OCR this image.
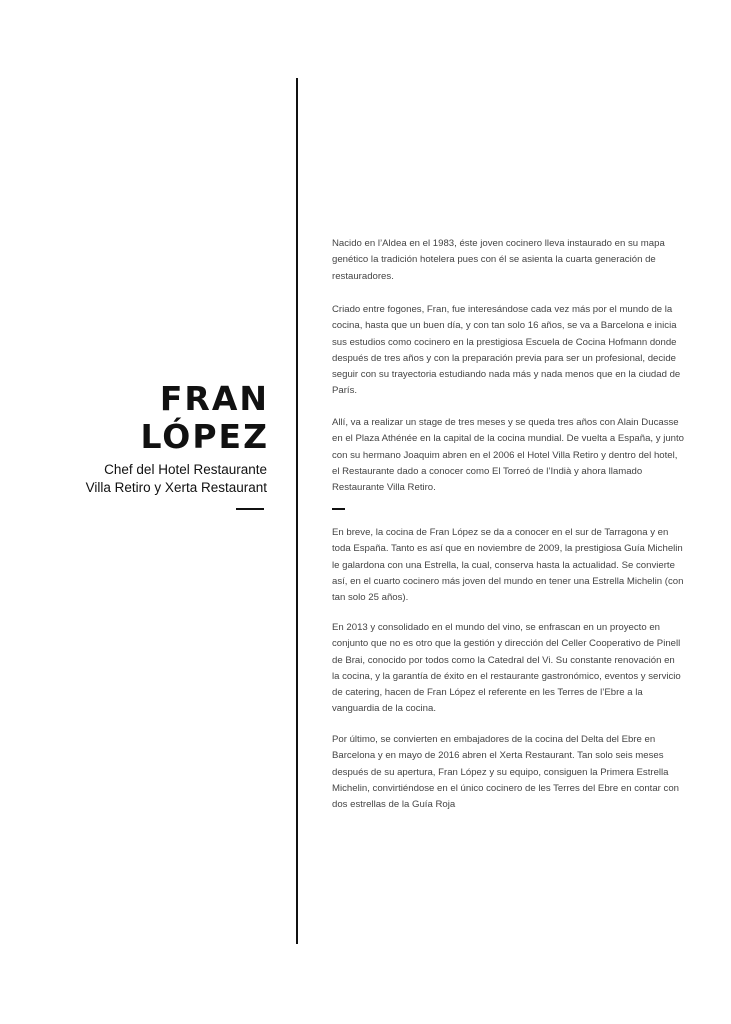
FRAN
LÓPEZ
Chef del Hotel Restaurante
Villa Retiro y Xerta Restaurant

Nacido en l’Aldea en el 1983, éste joven cocinero lleva instaurado en su mapa genético la tradición hotelera pues con él se asienta la cuarta generación de restauradores.

Criado entre fogones, Fran, fue interesándose cada vez más por el mundo de la cocina, hasta que un buen día, y con tan solo 16 años, se va a Barcelona e inicia sus estudios como cocinero en la prestigiosa Escuela de Cocina Hofmann donde después de tres años y con la preparación previa para ser un profesional, decide seguir con su trayectoria estudiando nada más y nada menos que en la ciudad de París.

Allí, va a realizar un stage de tres meses y se queda tres años con Alain Ducasse en el Plaza Athénée en la capital de la cocina mundial. De vuelta a España, y junto con su hermano Joaquim abren en el 2006 el Hotel Villa Retiro y dentro del hotel, el Restaurante dado a conocer como El Torreó de l’Indià y ahora llamado Restaurante Villa Retiro.

En breve, la cocina de Fran López se da a conocer en el sur de Tarragona y en toda España. Tanto es así que en noviembre de 2009, la prestigiosa Guía Michelin le galardona con una Estrella, la cual, conserva hasta la actualidad. Se convierte así, en el cuarto cocinero más joven del mundo en tener una Estrella Michelin (con tan solo 25 años).

En 2013 y consolidado en el mundo del vino, se enfrascan en un proyecto en conjunto que no es otro que la gestión y dirección del Celler Cooperativo de Pinell de Brai, conocido por todos como la Catedral del Vi. Su constante renovación en la cocina, y la garantía de éxito en el restaurante gastronómico, eventos y servicio de catering, hacen de Fran López el referente en les Terres de l’Ebre a la vanguardia de la cocina.

Por último, se convierten en embajadores de la cocina del Delta del Ebre en Barcelona y en mayo de 2016 abren el Xerta Restaurant. Tan solo seis meses después de su apertura, Fran López y su equipo, consiguen la Primera Estrella Michelin, convirtiéndose en el único cocinero de les Terres del Ebre en contar con dos estrellas de la Guía Roja
